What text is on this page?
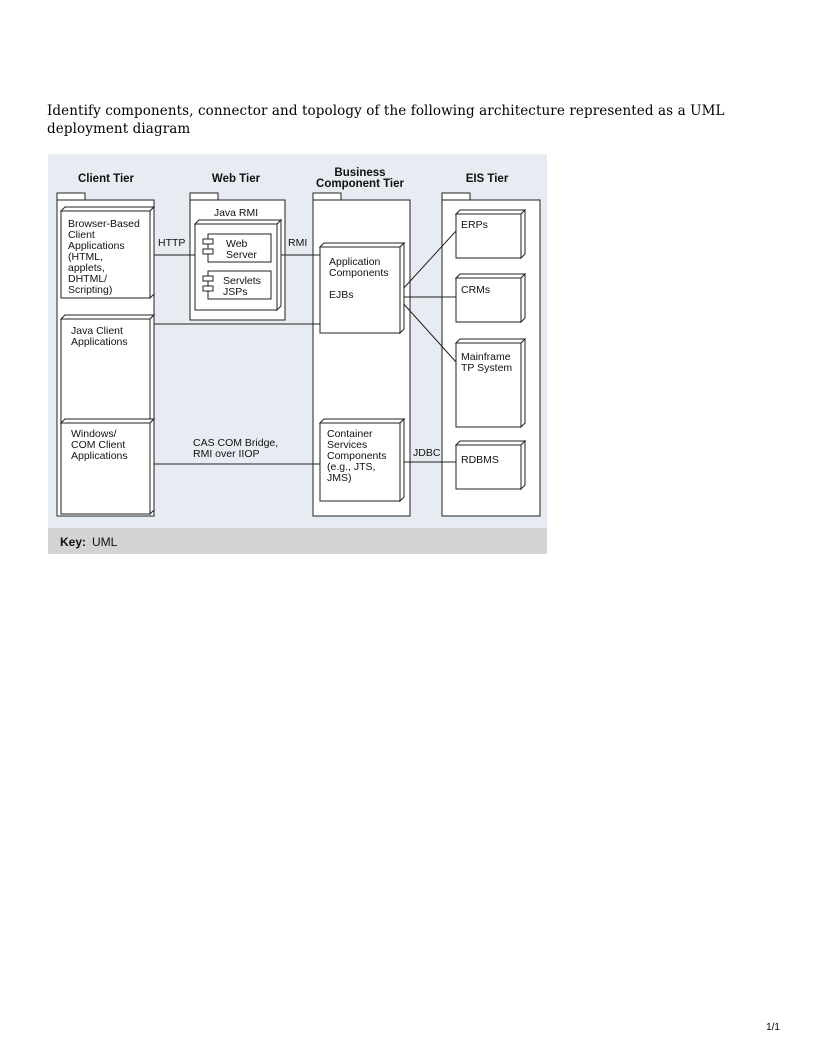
Identify components, connector and topology of the following architecture represented as a UML deployment diagram
Client Tier	Web Tier	Business
Component Tier	EIS Tier
Browser-Based Client Applications (HTML, applets, DHTML/ Scripting)
Java Client Applications
Windows/ COM Client Applications
Java RMI
Web Server
Servlets JSPs
Application Components
EJBs
Container Services Components (e.g., JTS, JMS)
ERPs
CRMs
Mainframe TP System
RDBMS
HTTP	RMI
CAS COM Bridge, RMI over IIOP	JDBC
Key: UML
1/1
